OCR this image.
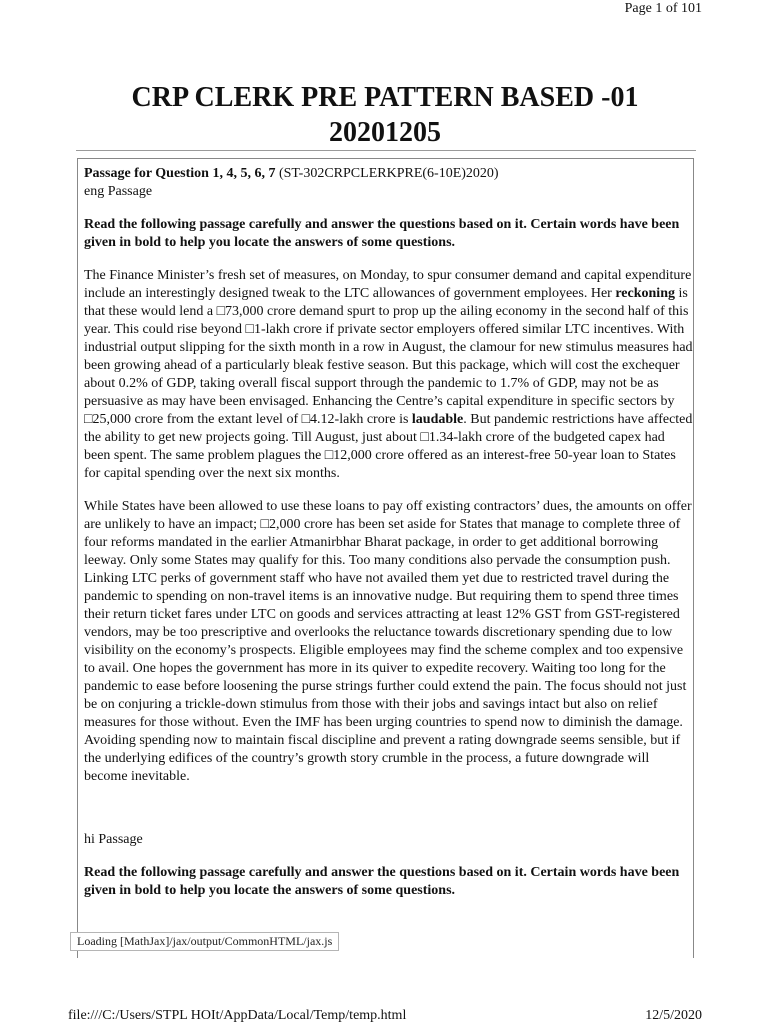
Page 1 of 101
CRP CLERK PRE PATTERN BASED -01
20201205
Passage for Question 1, 4, 5, 6, 7 (ST-302CRPCLERKPRE(6-10E)2020)

eng Passage

Read the following passage carefully and answer the questions based on it. Certain words have been given in bold to help you locate the answers of some questions.

The Finance Minister’s fresh set of measures, on Monday, to spur consumer demand and capital expenditure include an interestingly designed tweak to the LTC allowances of government employees. Her reckoning is that these would lend a □73,000 crore demand spurt to prop up the ailing economy in the second half of this year. This could rise beyond □1-lakh crore if private sector employers offered similar LTC incentives. With industrial output slipping for the sixth month in a row in August, the clamour for new stimulus measures had been growing ahead of a particularly bleak festive season. But this package, which will cost the exchequer about 0.2% of GDP, taking overall fiscal support through the pandemic to 1.7% of GDP, may not be as persuasive as may have been envisaged. Enhancing the Centre’s capital expenditure in specific sectors by □25,000 crore from the extant level of □4.12-lakh crore is laudable. But pandemic restrictions have affected the ability to get new projects going. Till August, just about □1.34-lakh crore of the budgeted capex had been spent. The same problem plagues the □12,000 crore offered as an interest-free 50-year loan to States for capital spending over the next six months.

While States have been allowed to use these loans to pay off existing contractors’ dues, the amounts on offer are unlikely to have an impact; □2,000 crore has been set aside for States that manage to complete three of four reforms mandated in the earlier Atmanirbhar Bharat package, in order to get additional borrowing leeway. Only some States may qualify for this. Too many conditions also pervade the consumption push. Linking LTC perks of government staff who have not availed them yet due to restricted travel during the pandemic to spending on non-travel items is an innovative nudge. But requiring them to spend three times their return ticket fares under LTC on goods and services attracting at least 12% GST from GST-registered vendors, may be too prescriptive and overlooks the reluctance towards discretionary spending due to low visibility on the economy’s prospects. Eligible employees may find the scheme complex and too expensive to avail. One hopes the government has more in its quiver to expedite recovery. Waiting too long for the pandemic to ease before loosening the purse strings further could extend the pain. The focus should not just be on conjuring a trickle-down stimulus from those with their jobs and savings intact but also on relief measures for those without. Even the IMF has been urging countries to spend now to diminish the damage. Avoiding spending now to maintain fiscal discipline and prevent a rating downgrade seems sensible, but if the underlying edifices of the country’s growth story crumble in the process, a future downgrade will become inevitable.

hi Passage

Read the following passage carefully and answer the questions based on it. Certain words have been given in bold to help you locate the answers of some questions.

Loading [MathJax]/jax/output/CommonHTML/jax.js
file:///C:/Users/STPL HOIt/AppData/Local/Temp/temp.html	12/5/2020
